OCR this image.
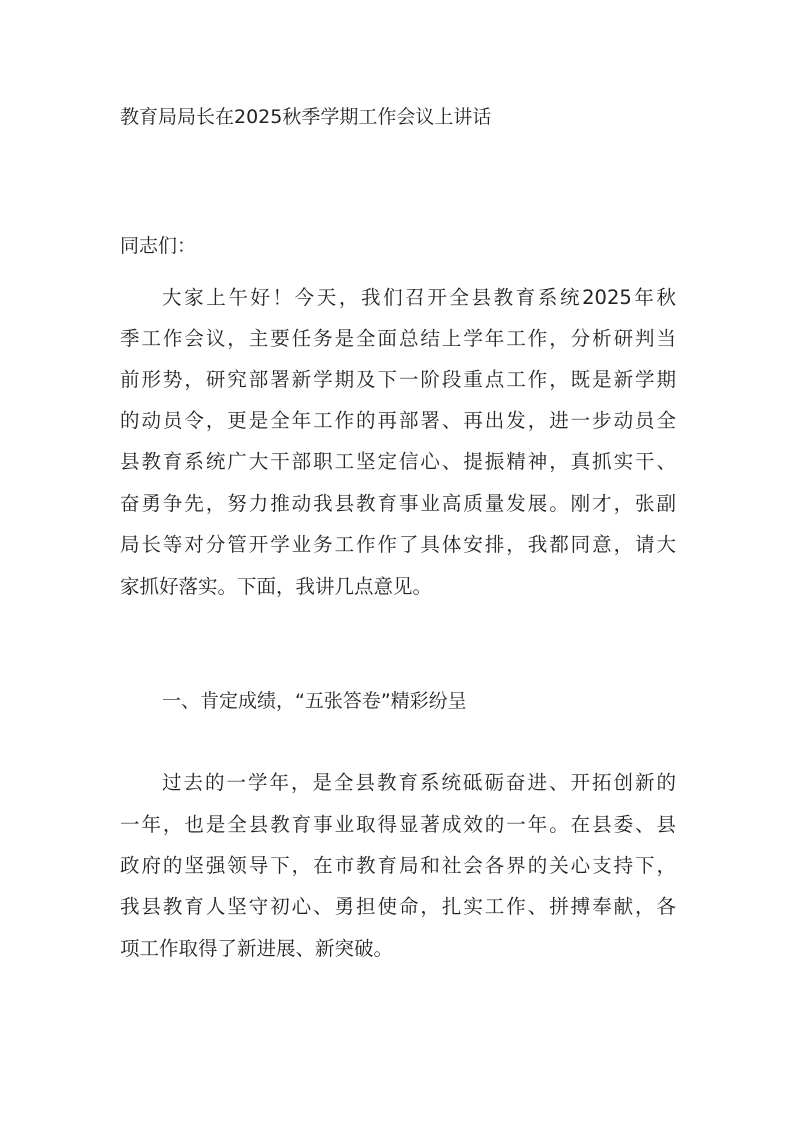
教育局局长在2025秋季学期工作会议上讲话
同志们：
大家上午好！今天，我们召开全县教育系统2025年秋
季工作会议，主要任务是全面总结上学年工作，分析研判当
前形势，研究部署新学期及下一阶段重点工作，既是新学期
的动员令，更是全年工作的再部署、再出发，进一步动员全
县教育系统广大干部职工坚定信心、提振精神，真抓实干、
奋勇争先，努力推动我县教育事业高质量发展。刚才，张副
局长等对分管开学业务工作作了具体安排，我都同意，请大
家抓好落实。下面，我讲几点意见。
一、肯定成绩，“五张答卷”精彩纷呈
过去的一学年，是全县教育系统砥砺奋进、开拓创新的
一年，也是全县教育事业取得显著成效的一年。在县委、县
政府的坚强领导下，在市教育局和社会各界的关心支持下，
我县教育人坚守初心、勇担使命，扎实工作、拼搏奉献，各
项工作取得了新进展、新突破。
